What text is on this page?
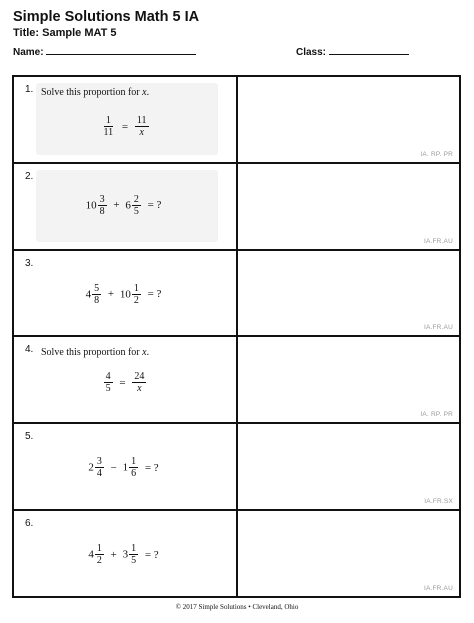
Simple Solutions Math 5 IA
Title: Sample MAT 5
Name:	Class:
1. Solve this proportion for x.
$\frac{1}{11} = \frac{11}{x}$
IA. RP. PR
2.
$10 \frac{3}{8} + 6 \frac{2}{5}$ = ?
IA.FR.AU
3.
$4 \frac{5}{8} + 10 \frac{1}{2}$ = ?
IA.FR.AU
4. Solve this proportion for x.
$\frac{4}{5} = \frac{24}{x}$
IA. RP. PR
5.
$2 \frac{3}{4} - 1 \frac{1}{6}$ = ?
IA.FR.SX
6.
$4 \frac{1}{2} + 3 \frac{1}{5}$ = ?
IA.FR.AU
© 2017 Simple Solutions • Cleveland, Ohio
